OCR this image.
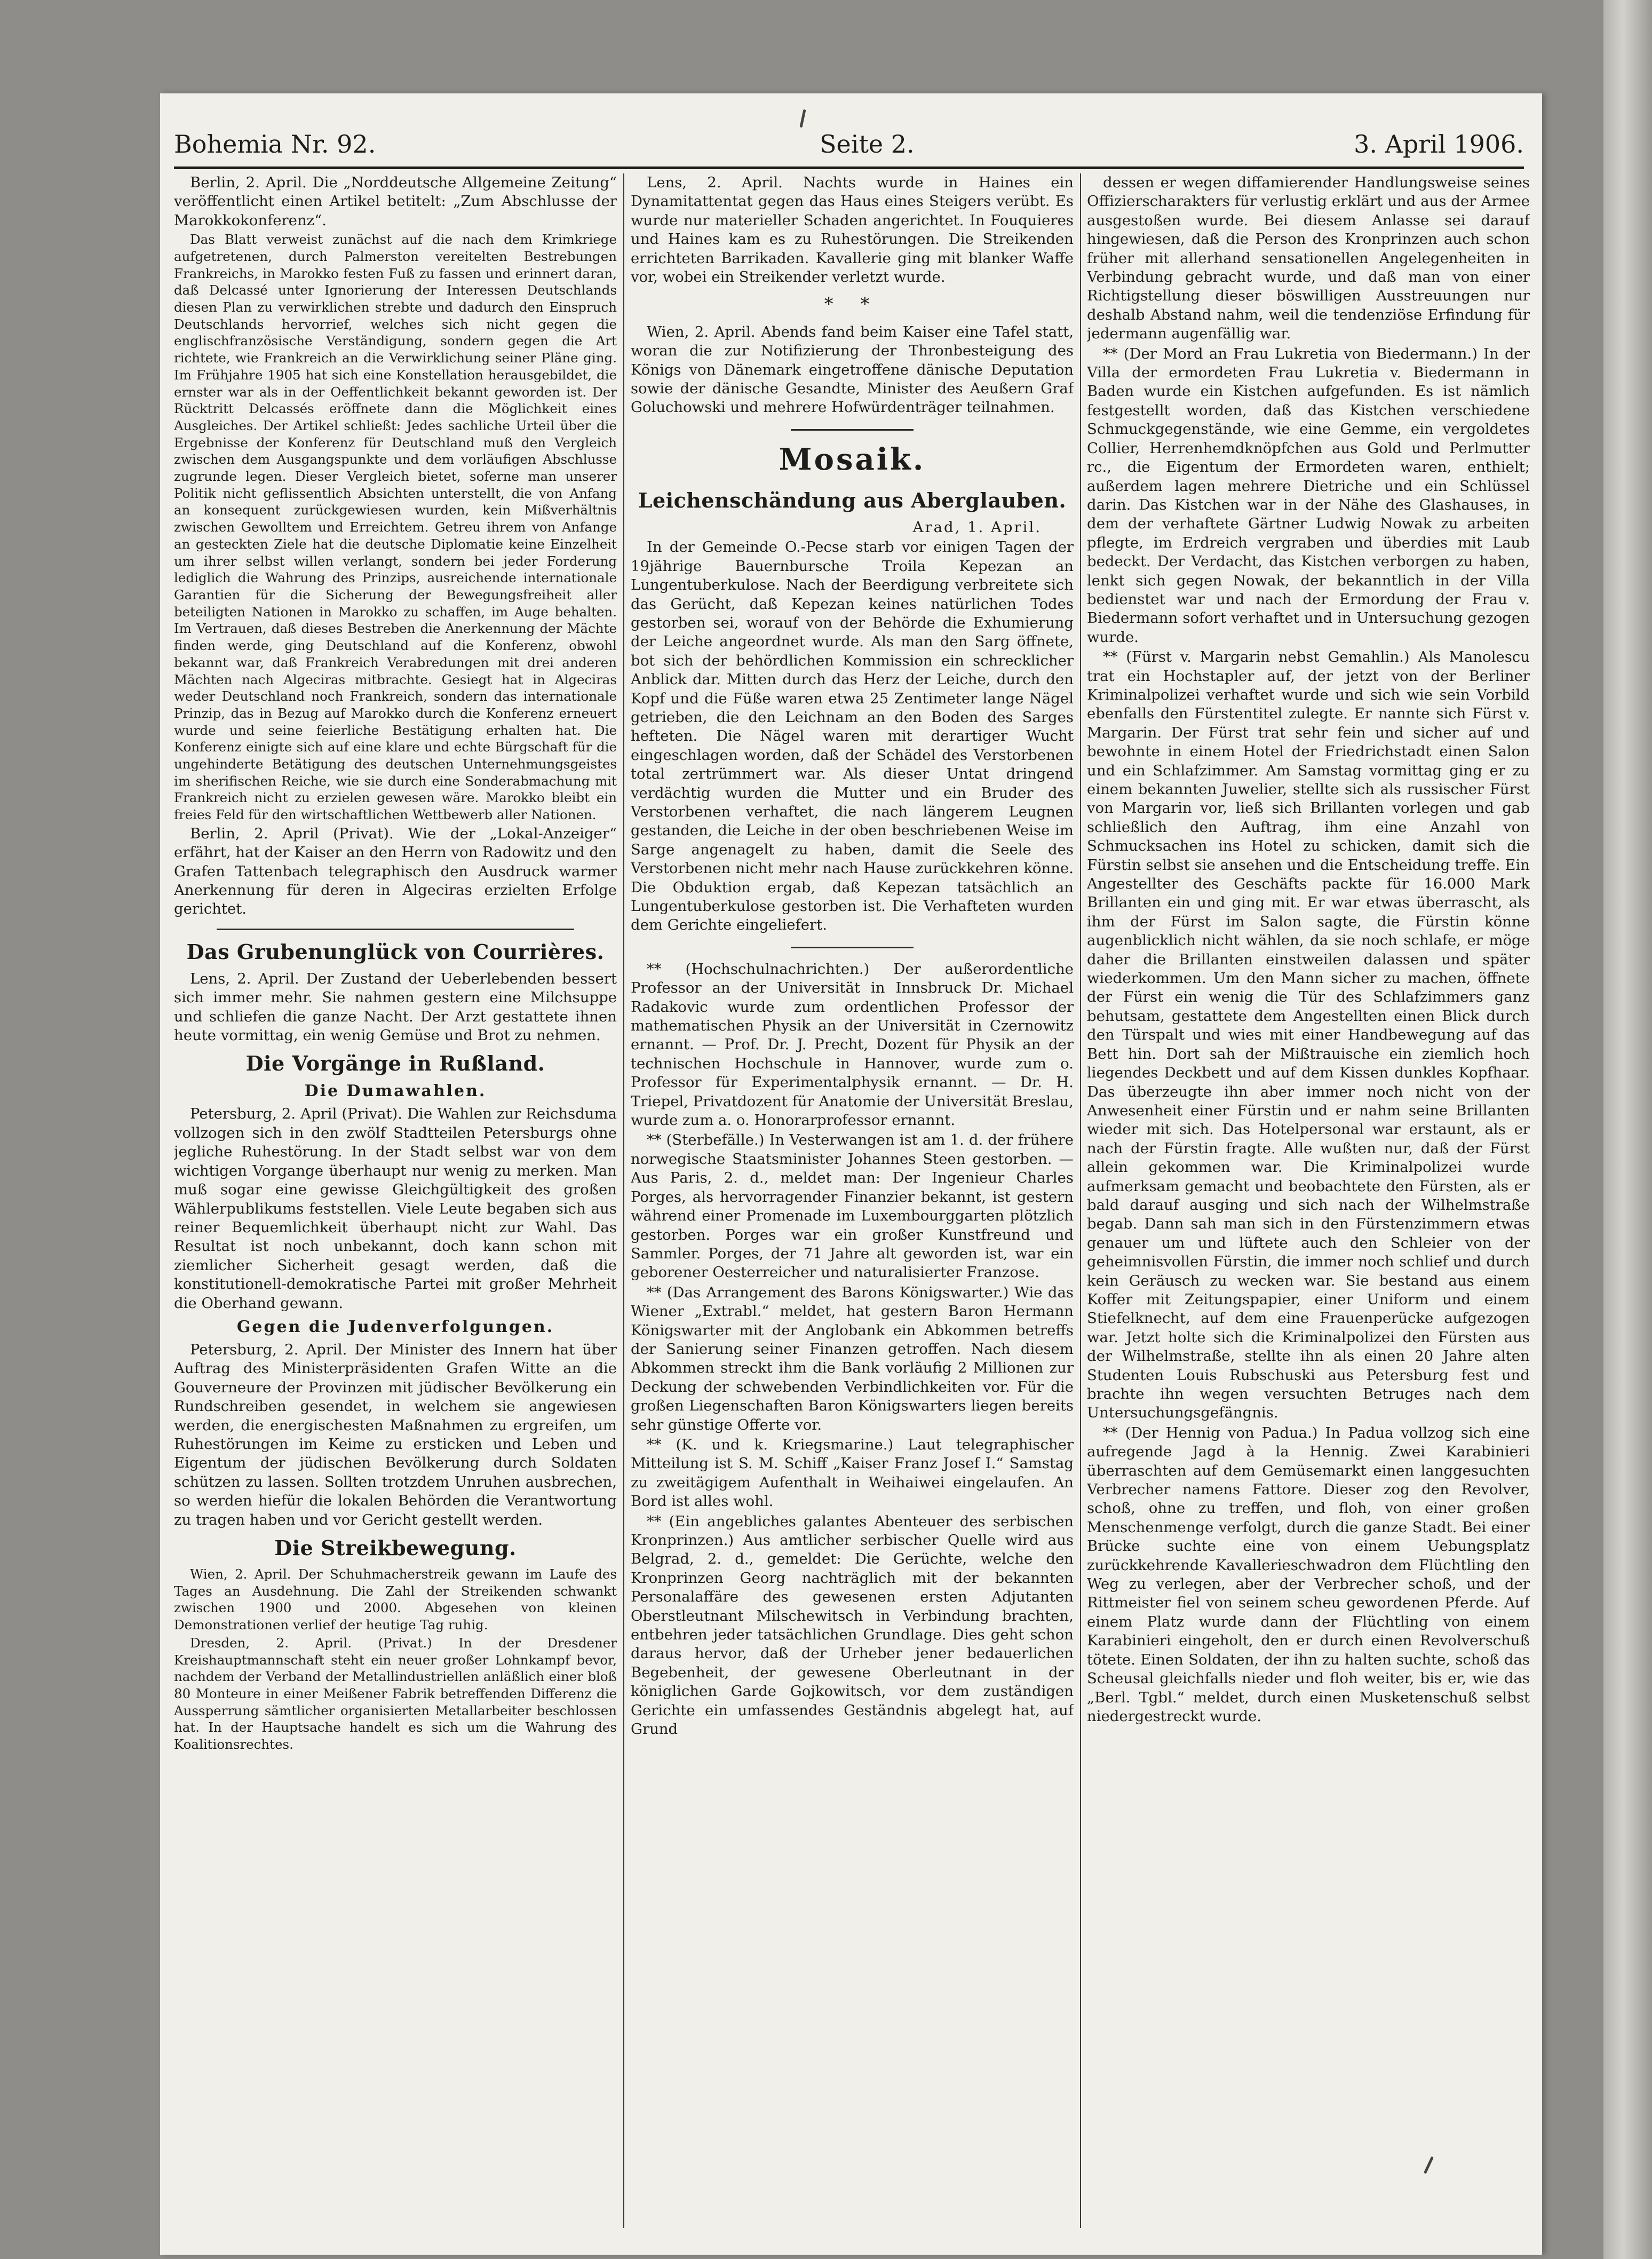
Bohemia Nr. 92.	Seite 2.	3. April 1906.

Berlin, 2. April. Die „Norddeutsche Allgemeine Zeitung“ veröffentlicht einen Artikel betitelt: „Zum Abschlusse der Marokkokonferenz“.

Das Blatt verweist zunächst auf die nach dem Krimkriege aufgetretenen, durch Palmerston vereitelten Bestrebungen Frankreichs, in Marokko festen Fuß zu fassen und erinnert daran, daß Delcassé unter Ignorierung der Interessen Deutschlands diesen Plan zu verwirklichen strebte und dadurch den Einspruch Deutschlands hervorrief, welches sich nicht gegen die englischfranzösische Verständigung, sondern gegen die Art richtete, wie Frankreich an die Verwirklichung seiner Pläne ging. Im Frühjahre 1905 hat sich eine Konstellation herausgebildet, die ernster war als in der Oeffentlichkeit bekannt geworden ist. Der Rücktritt Delcassés eröffnete dann die Möglichkeit eines Ausgleiches. Der Artikel schließt: Jedes sachliche Urteil über die Ergebnisse der Konferenz für Deutschland muß den Vergleich zwischen dem Ausgangspunkte und dem vorläufigen Abschlusse zugrunde legen. Dieser Vergleich bietet, soferne man unserer Politik nicht geflissentlich Absichten unterstellt, die von Anfang an konsequent zurückgewiesen wurden, kein Mißverhältnis zwischen Gewolltem und Erreichtem. Getreu ihrem von Anfange an gesteckten Ziele hat die deutsche Diplomatie keine Einzelheit um ihrer selbst willen verlangt, sondern bei jeder Forderung lediglich die Wahrung des Prinzips, ausreichende internationale Garantien für die Sicherung der Bewegungsfreiheit aller beteiligten Nationen in Marokko zu schaffen, im Auge behalten. Im Vertrauen, daß dieses Bestreben die Anerkennung der Mächte finden werde, ging Deutschland auf die Konferenz, obwohl bekannt war, daß Frankreich Verabredungen mit drei anderen Mächten nach Algeciras mitbrachte. Gesiegt hat in Algeciras weder Deutschland noch Frankreich, sondern das internationale Prinzip, das in Bezug auf Marokko durch die Konferenz erneuert wurde und seine feierliche Bestätigung erhalten hat. Die Konferenz einigte sich auf eine klare und echte Bürgschaft für die ungehinderte Betätigung des deutschen Unternehmungsgeistes im sherifischen Reiche, wie sie durch eine Sonderabmachung mit Frankreich nicht zu erzielen gewesen wäre. Marokko bleibt ein freies Feld für den wirtschaftlichen Wettbewerb aller Nationen.

Berlin, 2. April (Privat). Wie der „Lokal-Anzeiger“ erfährt, hat der Kaiser an den Herrn von Radowitz und den Grafen Tattenbach telegraphisch den Ausdruck warmer Anerkennung für deren in Algeciras erzielten Erfolge gerichtet.

Das Grubenunglück von Courrières.

Lens, 2. April. Der Zustand der Ueberlebenden bessert sich immer mehr. Sie nahmen gestern eine Milchsuppe und schliefen die ganze Nacht. Der Arzt gestattete ihnen heute vormittag, ein wenig Gemüse und Brot zu nehmen.

Die Vorgänge in Rußland.
Die Dumawahlen.

Petersburg, 2. April (Privat). Die Wahlen zur Reichsduma vollzogen sich in den zwölf Stadtteilen Petersburgs ohne jegliche Ruhestörung. In der Stadt selbst war von dem wichtigen Vorgange überhaupt nur wenig zu merken. Man muß sogar eine gewisse Gleichgültigkeit des großen Wählerpublikums feststellen. Viele Leute begaben sich aus reiner Bequemlichkeit überhaupt nicht zur Wahl. Das Resultat ist noch unbekannt, doch kann schon mit ziemlicher Sicherheit gesagt werden, daß die konstitutionell-demokratische Partei mit großer Mehrheit die Oberhand gewann.

Gegen die Judenverfolgungen.

Petersburg, 2. April. Der Minister des Innern hat über Auftrag des Ministerpräsidenten Grafen Witte an die Gouverneure der Provinzen mit jüdischer Bevölkerung ein Rundschreiben gesendet, in welchem sie angewiesen werden, die energischesten Maßnahmen zu ergreifen, um Ruhestörungen im Keime zu ersticken und Leben und Eigentum der jüdischen Bevölkerung durch Soldaten schützen zu lassen. Sollten trotzdem Unruhen ausbrechen, so werden hiefür die lokalen Behörden die Verantwortung zu tragen haben und vor Gericht gestellt werden.

Die Streikbewegung.

Wien, 2. April. Der Schuhmacherstreik gewann im Laufe des Tages an Ausdehnung. Die Zahl der Streikenden schwankt zwischen 1900 und 2000. Abgesehen von kleinen Demonstrationen verlief der heutige Tag ruhig.

Dresden, 2. April. (Privat.) In der Dresdener Kreishauptmannschaft steht ein neuer großer Lohnkampf bevor, nachdem der Verband der Metallindustriellen anläßlich einer bloß 80 Monteure in einer Meißener Fabrik betreffenden Differenz die Aussperrung sämtlicher organisierten Metallarbeiter beschlossen hat. In der Hauptsache handelt es sich um die Wahrung des Koalitionsrechtes.

Lens, 2. April. Nachts wurde in Haines ein Dynamitattentat gegen das Haus eines Steigers verübt. Es wurde nur materieller Schaden angerichtet. In Fouquieres und Haines kam es zu Ruhestörungen. Die Streikenden errichteten Barrikaden. Kavallerie ging mit blanker Waffe vor, wobei ein Streikender verletzt wurde.

* *

Wien, 2. April. Abends fand beim Kaiser eine Tafel statt, woran die zur Notifizierung der Thronbesteigung des Königs von Dänemark eingetroffene dänische Deputation sowie der dänische Gesandte, Minister des Aeußern Graf Goluchowski und mehrere Hofwürdenträger teilnahmen.

Mosaik.
Leichenschändung aus Aberglauben.

Arad, 1. April.

In der Gemeinde O.-Pecse starb vor einigen Tagen der 19jährige Bauernbursche Troila Kepezan an Lungentuberkulose. Nach der Beerdigung verbreitete sich das Gerücht, daß Kepezan keines natürlichen Todes gestorben sei, worauf von der Behörde die Exhumierung der Leiche angeordnet wurde. Als man den Sarg öffnete, bot sich der behördlichen Kommission ein schrecklicher Anblick dar. Mitten durch das Herz der Leiche, durch den Kopf und die Füße waren etwa 25 Zentimeter lange Nägel getrieben, die den Leichnam an den Boden des Sarges hefteten. Die Nägel waren mit derartiger Wucht eingeschlagen worden, daß der Schädel des Verstorbenen total zertrümmert war. Als dieser Untat dringend verdächtig wurden die Mutter und ein Bruder des Verstorbenen verhaftet, die nach längerem Leugnen gestanden, die Leiche in der oben beschriebenen Weise im Sarge angenagelt zu haben, damit die Seele des Verstorbenen nicht mehr nach Hause zurückkehren könne. Die Obduktion ergab, daß Kepezan tatsächlich an Lungentuberkulose gestorben ist. Die Verhafteten wurden dem Gerichte eingeliefert.

** (Hochschulnachrichten.) Der außerordentliche Professor an der Universität in Innsbruck Dr. Michael Radakovic wurde zum ordentlichen Professor der mathematischen Physik an der Universität in Czernowitz ernannt. — Prof. Dr. J. Precht, Dozent für Physik an der technischen Hochschule in Hannover, wurde zum o. Professor für Experimentalphysik ernannt. — Dr. H. Triepel, Privatdozent für Anatomie der Universität Breslau, wurde zum a. o. Honorarprofessor ernannt.

** (Sterbefälle.) In Vesterwangen ist am 1. d. der frühere norwegische Staatsminister Johannes Steen gestorben. — Aus Paris, 2. d., meldet man: Der Ingenieur Charles Porges, als hervorragender Finanzier bekannt, ist gestern während einer Promenade im Luxembourggarten plötzlich gestorben. Porges war ein großer Kunstfreund und Sammler. Porges, der 71 Jahre alt geworden ist, war ein geborener Oesterreicher und naturalisierter Franzose.

** (Das Arrangement des Barons Königswarter.) Wie das Wiener „Extrabl.“ meldet, hat gestern Baron Hermann Königswarter mit der Anglobank ein Abkommen betreffs der Sanierung seiner Finanzen getroffen. Nach diesem Abkommen streckt ihm die Bank vorläufig 2 Millionen zur Deckung der schwebenden Verbindlichkeiten vor. Für die großen Liegenschaften Baron Königswarters liegen bereits sehr günstige Offerte vor.

** (K. und k. Kriegsmarine.) Laut telegraphischer Mitteilung ist S. M. Schiff „Kaiser Franz Josef I.“ Samstag zu zweitägigem Aufenthalt in Weihaiwei eingelaufen. An Bord ist alles wohl.

** (Ein angebliches galantes Abenteuer des serbischen Kronprinzen.) Aus amtlicher serbischer Quelle wird aus Belgrad, 2. d., gemeldet: Die Gerüchte, welche den Kronprinzen Georg nachträglich mit der bekannten Personalaffäre des gewesenen ersten Adjutanten Oberstleutnant Milschewitsch in Verbindung brachten, entbehren jeder tatsächlichen Grundlage. Dies geht schon daraus hervor, daß der Urheber jener bedauerlichen Begebenheit, der gewesene Oberleutnant in der königlichen Garde Gojkowitsch, vor dem zuständigen Gerichte ein umfassendes Geständnis abgelegt hat, auf Grund

dessen er wegen diffamierender Handlungsweise seines Offizierscharakters für verlustig erklärt und aus der Armee ausgestoßen wurde. Bei diesem Anlasse sei darauf hingewiesen, daß die Person des Kronprinzen auch schon früher mit allerhand sensationellen Angelegenheiten in Verbindung gebracht wurde, und daß man von einer Richtigstellung dieser böswilligen Ausstreuungen nur deshalb Abstand nahm, weil die tendenziöse Erfindung für jedermann augenfällig war.

** (Der Mord an Frau Lukretia von Biedermann.) In der Villa der ermordeten Frau Lukretia v. Biedermann in Baden wurde ein Kistchen aufgefunden. Es ist nämlich festgestellt worden, daß das Kistchen verschiedene Schmuckgegenstände, wie eine Gemme, ein vergoldetes Collier, Herrenhemdknöpfchen aus Gold und Perlmutter rc., die Eigentum der Ermordeten waren, enthielt; außerdem lagen mehrere Dietriche und ein Schlüssel darin. Das Kistchen war in der Nähe des Glashauses, in dem der verhaftete Gärtner Ludwig Nowak zu arbeiten pflegte, im Erdreich vergraben und überdies mit Laub bedeckt. Der Verdacht, das Kistchen verborgen zu haben, lenkt sich gegen Nowak, der bekanntlich in der Villa bedienstet war und nach der Ermordung der Frau v. Biedermann sofort verhaftet und in Untersuchung gezogen wurde.

** (Fürst v. Margarin nebst Gemahlin.) Als Manolescu trat ein Hochstapler auf, der jetzt von der Berliner Kriminalpolizei verhaftet wurde und sich wie sein Vorbild ebenfalls den Fürstentitel zulegte. Er nannte sich Fürst v. Margarin. Der Fürst trat sehr fein und sicher auf und bewohnte in einem Hotel der Friedrichstadt einen Salon und ein Schlafzimmer. Am Samstag vormittag ging er zu einem bekannten Juwelier, stellte sich als russischer Fürst von Margarin vor, ließ sich Brillanten vorlegen und gab schließlich den Auftrag, ihm eine Anzahl von Schmucksachen ins Hotel zu schicken, damit sich die Fürstin selbst sie ansehen und die Entscheidung treffe. Ein Angestellter des Geschäfts packte für 16.000 Mark Brillanten ein und ging mit. Er war etwas überrascht, als ihm der Fürst im Salon sagte, die Fürstin könne augenblicklich nicht wählen, da sie noch schlafe, er möge daher die Brillanten einstweilen dalassen und später wiederkommen. Um den Mann sicher zu machen, öffnete der Fürst ein wenig die Tür des Schlafzimmers ganz behutsam, gestattete dem Angestellten einen Blick durch den Türspalt und wies mit einer Handbewegung auf das Bett hin. Dort sah der Mißtrauische ein ziemlich hoch liegendes Deckbett und auf dem Kissen dunkles Kopfhaar. Das überzeugte ihn aber immer noch nicht von der Anwesenheit einer Fürstin und er nahm seine Brillanten wieder mit sich. Das Hotelpersonal war erstaunt, als er nach der Fürstin fragte. Alle wußten nur, daß der Fürst allein gekommen war. Die Kriminalpolizei wurde aufmerksam gemacht und beobachtete den Fürsten, als er bald darauf ausging und sich nach der Wilhelmstraße begab. Dann sah man sich in den Fürstenzimmern etwas genauer um und lüftete auch den Schleier von der geheimnisvollen Fürstin, die immer noch schlief und durch kein Geräusch zu wecken war. Sie bestand aus einem Koffer mit Zeitungspapier, einer Uniform und einem Stiefelknecht, auf dem eine Frauenperücke aufgezogen war. Jetzt holte sich die Kriminalpolizei den Fürsten aus der Wilhelmstraße, stellte ihn als einen 20 Jahre alten Studenten Louis Rubschuski aus Petersburg fest und brachte ihn wegen versuchten Betruges nach dem Untersuchungsgefängnis.

** (Der Hennig von Padua.) In Padua vollzog sich eine aufregende Jagd à la Hennig. Zwei Karabinieri überraschten auf dem Gemüsemarkt einen langgesuchten Verbrecher namens Fattore. Dieser zog den Revolver, schoß, ohne zu treffen, und floh, von einer großen Menschenmenge verfolgt, durch die ganze Stadt. Bei einer Brücke suchte eine von einem Uebungsplatz zurückkehrende Kavallerieschwadron dem Flüchtling den Weg zu verlegen, aber der Verbrecher schoß, und der Rittmeister fiel von seinem scheu gewordenen Pferde. Auf einem Platz wurde dann der Flüchtling von einem Karabinieri eingeholt, den er durch einen Revolverschuß tötete. Einen Soldaten, der ihn zu halten suchte, schoß das Scheusal gleichfalls nieder und floh weiter, bis er, wie das „Berl. Tgbl.“ meldet, durch einen Musketenschuß selbst niedergestreckt wurde.
